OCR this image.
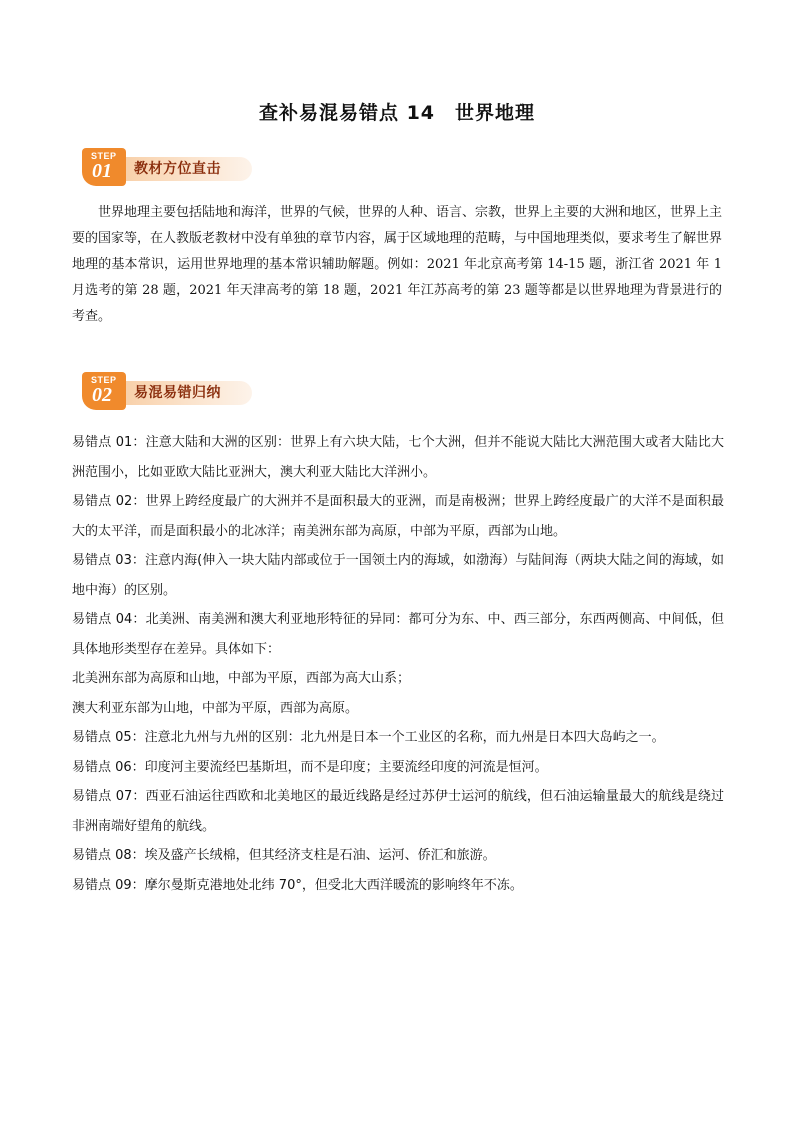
查补易混易错点 14　世界地理
STEP
01 教材方位直击

世界地理主要包括陆地和海洋，世界的气候，世界的人种、语言、宗教，世界上主要的大洲和地区，世界上主要的国家等，在人教版老教材中没有单独的章节内容，属于区域地理的范畴，与中国地理类似，要求考生了解世界地理的基本常识，运用世界地理的基本常识辅助解题。例如：2021 年北京高考第 14-15 题，浙江省 2021 年 1 月选考的第 28 题，2021 年天津高考的第 18 题，2021 年江苏高考的第 23 题等都是以世界地理为背景进行的考查。

STEP
02 易混易错归纳

易错点 01：注意大陆和大洲的区别：世界上有六块大陆，七个大洲，但并不能说大陆比大洲范围大或者大陆比大洲范围小，比如亚欧大陆比亚洲大，澳大利亚大陆比大洋洲小。

易错点 02：世界上跨经度最广的大洲并不是面积最大的亚洲，而是南极洲；世界上跨经度最广的大洋不是面积最大的太平洋，而是面积最小的北冰洋；南美洲东部为高原，中部为平原，西部为山地。

易错点 03：注意内海(伸入一块大陆内部或位于一国领土内的海域，如渤海）与陆间海（两块大陆之间的海域，如地中海）的区别。

易错点 04：北美洲、南美洲和澳大利亚地形特征的异同：都可分为东、中、西三部分，东西两侧高、中间低，但具体地形类型存在差异。具体如下：

北美洲东部为高原和山地，中部为平原，西部为高大山系；

澳大利亚东部为山地，中部为平原，西部为高原。

易错点 05：注意北九州与九州的区别：北九州是日本一个工业区的名称，而九州是日本四大岛屿之一。

易错点 06：印度河主要流经巴基斯坦，而不是印度；主要流经印度的河流是恒河。

易错点 07：西亚石油运往西欧和北美地区的最近线路是经过苏伊士运河的航线，但石油运输量最大的航线是绕过非洲南端好望角的航线。

易错点 08：埃及盛产长绒棉，但其经济支柱是石油、运河、侨汇和旅游。

易错点 09：摩尔曼斯克港地处北纬 70°，但受北大西洋暖流的影响终年不冻。
